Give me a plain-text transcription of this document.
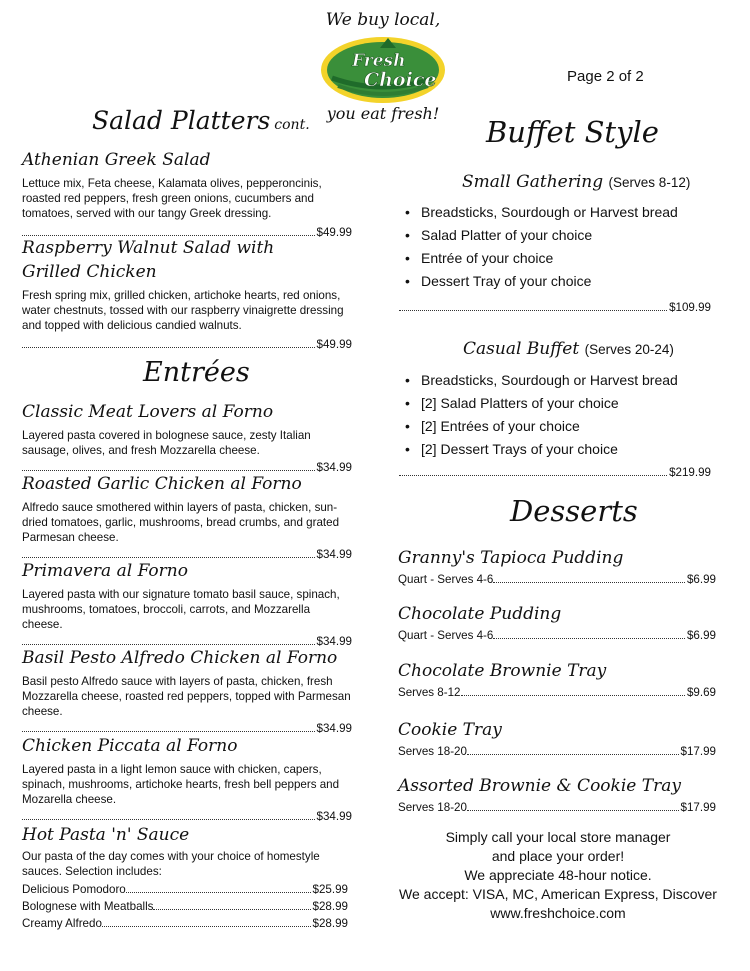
We buy local,
Fresh
Choice
you eat fresh!
Page 2 of 2
Salad Platters cont.
Athenian Greek Salad
Lettuce mix, Feta cheese, Kalamata olives, pepperoncinis, roasted red peppers, fresh green onions, cucumbers and tomatoes, served with our tangy Greek dressing.
$49.99
Raspberry Walnut Salad with Grilled Chicken
Fresh spring mix, grilled chicken, artichoke hearts, red onions, water chestnuts, tossed with our raspberry vinaigrette dressing and topped with delicious candied walnuts.
$49.99
Entrées
Classic Meat Lovers al Forno
Layered pasta covered in bolognese sauce, zesty Italian sausage, olives, and fresh Mozzarella cheese.
$34.99
Roasted Garlic Chicken al Forno
Alfredo sauce smothered within layers of pasta, chicken, sun-dried tomatoes, garlic, mushrooms, bread crumbs, and grated Parmesan cheese.
$34.99
Primavera al Forno
Layered pasta with our signature tomato basil sauce, spinach, mushrooms, tomatoes, broccoli, carrots, and Mozzarella cheese.
$34.99
Basil Pesto Alfredo Chicken al Forno
Basil pesto Alfredo sauce with layers of pasta, chicken, fresh Mozzarella cheese, roasted red peppers, topped with Parmesan cheese.
$34.99
Chicken Piccata al Forno
Layered pasta in a light lemon sauce with chicken, capers, spinach, mushrooms, artichoke hearts, fresh bell peppers and Mozarella cheese.
$34.99
Hot Pasta 'n' Sauce
Our pasta of the day comes with your choice of homestyle sauces. Selection includes:
Delicious Pomodoro	$25.99
Bolognese with Meatballs	$28.99
Creamy Alfredo	$28.99
Buffet Style
Small Gathering (Serves 8-12)
• Breadsticks, Sourdough or Harvest bread
• Salad Platter of your choice
• Entrée of your choice
• Dessert Tray of your choice
$109.99
Casual Buffet (Serves 20-24)
• Breadsticks, Sourdough or Harvest bread
• [2] Salad Platters of your choice
• [2] Entrées of your choice
• [2] Dessert Trays of your choice
$219.99
Desserts
Granny's Tapioca Pudding
Quart - Serves 4-6	$6.99
Chocolate Pudding
Quart - Serves 4-6	$6.99
Chocolate Brownie Tray
Serves 8-12	$9.69
Cookie Tray
Serves 18-20	$17.99
Assorted Brownie & Cookie Tray
Serves 18-20	$17.99
Simply call your local store manager
and place your order!
We appreciate 48-hour notice.
We accept: VISA, MC, American Express, Discover
www.freshchoice.com
